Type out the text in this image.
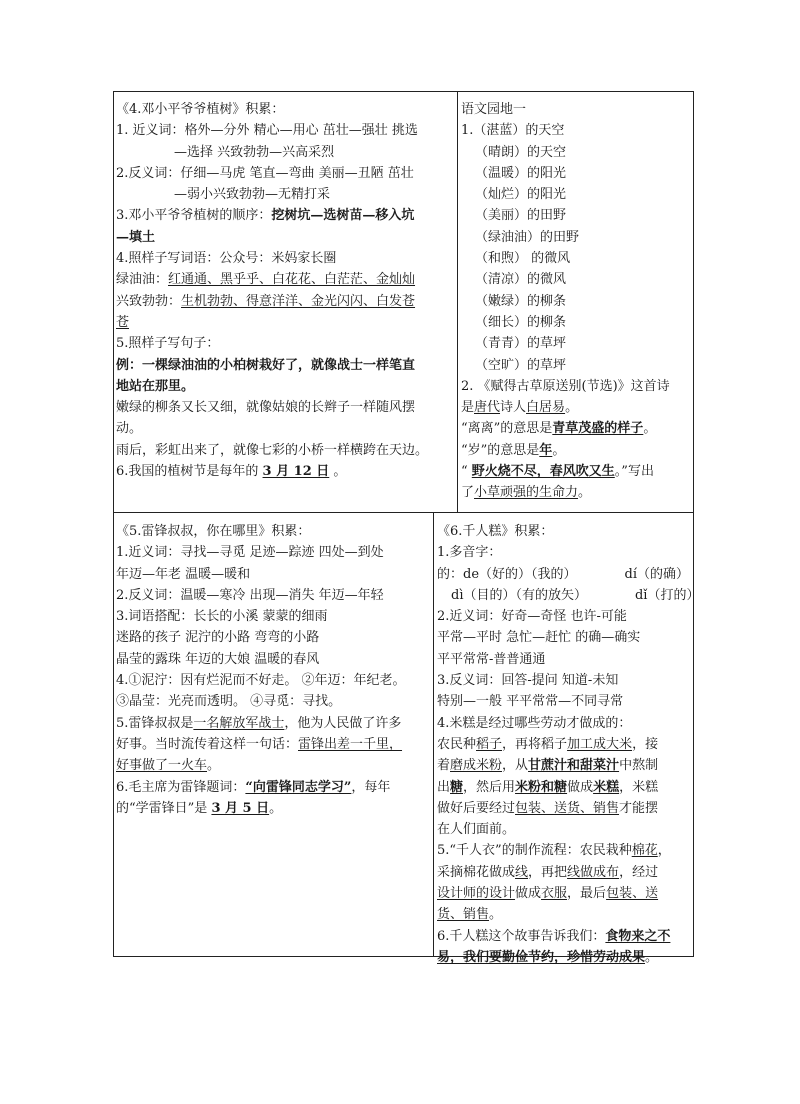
《4.邓小平爷爷植树》积累：

1. 近义词：格外—分外 精心—用心 茁壮—强壮 挑选

—选择 兴致勃勃—兴高采烈

2.反义词：仔细—马虎 笔直—弯曲 美丽—丑陋 茁壮

—弱小兴致勃勃—无精打采

3.邓小平爷爷植树的顺序：挖树坑—选树苗—移入坑

—填土

4.照样子写词语：公众号：米妈家长圈

绿油油：红通通、黑乎乎、白花花、白茫茫、金灿灿

兴致勃勃：生机勃勃、得意洋洋、金光闪闪、白发苍

苍

5.照样子写句子：

例：一棵绿油油的小柏树栽好了，就像战士一样笔直

地站在那里。

嫩绿的柳条又长又细，就像姑娘的长辫子一样随风摆

动。

雨后，彩虹出来了，就像七彩的小桥一样横跨在天边。

6.我国的植树节是每年的 3 月 12 日 。

语文园地一

1.（湛蓝）的天空

（晴朗）的天空

（温暖）的阳光

（灿烂）的阳光

（美丽）的田野

（绿油油）的田野

（和煦） 的微风

（清凉）的微风

（嫩绿）的柳条

（细长）的柳条

（青青）的草坪

（空旷）的草坪

2. 《赋得古草原送别(节选)》这首诗

是唐代诗人白居易。

“离离”的意思是青草茂盛的样子。

“岁”的意思是年。

“ 野火烧不尽，春风吹又生。”写出

了小草顽强的生命力。

《5.雷锋叔叔，你在哪里》积累：

1.近义词：寻找—寻觅 足迹—踪迹 四处—到处

年迈—年老 温暖—暖和

2.反义词：温暖—寒冷 出现—消失 年迈—年轻

3.词语搭配：长长的小溪 蒙蒙的细雨

迷路的孩子 泥泞的小路 弯弯的小路

晶莹的露珠 年迈的大娘 温暖的春风

4.①泥泞：因有烂泥而不好走。 ②年迈：年纪老。

③晶莹：光亮而透明。 ④寻觅：寻找。

5.雷锋叔叔是一名解放军战士，他为人民做了许多

好事。当时流传着这样一句话：雷锋出差一千里，

好事做了一火车。

6.毛主席为雷锋题词：“向雷锋同志学习”，每年

的“学雷锋日”是 3 月 5 日。

《6.千人糕》积累：

1.多音字：

的：de（好的）（我的）	dí（的确）

dì（目的）（有的放矢）	dǐ（打的）

2.近义词：好奇—奇怪 也许-可能

平常—平时 急忙—赶忙 的确—确实

平平常常-普普通通

3.反义词：回答-提问 知道-未知

特别—一般 平平常常—不同寻常

4.米糕是经过哪些劳动才做成的：

农民种稻子，再将稻子加工成大米，接

着磨成米粉，从甘蔗汁和甜菜汁中熬制

出糖，然后用米粉和糖做成米糕，米糕

做好后要经过包装、送货、销售才能摆

在人们面前。

5.“千人衣”的制作流程：农民栽种棉花，

采摘棉花做成线，再把线做成布，经过

设计师的设计做成衣服，最后包装、送

货、销售。

6.千人糕这个故事告诉我们：食物来之不

易，我们要勤俭节约，珍惜劳动成果。
